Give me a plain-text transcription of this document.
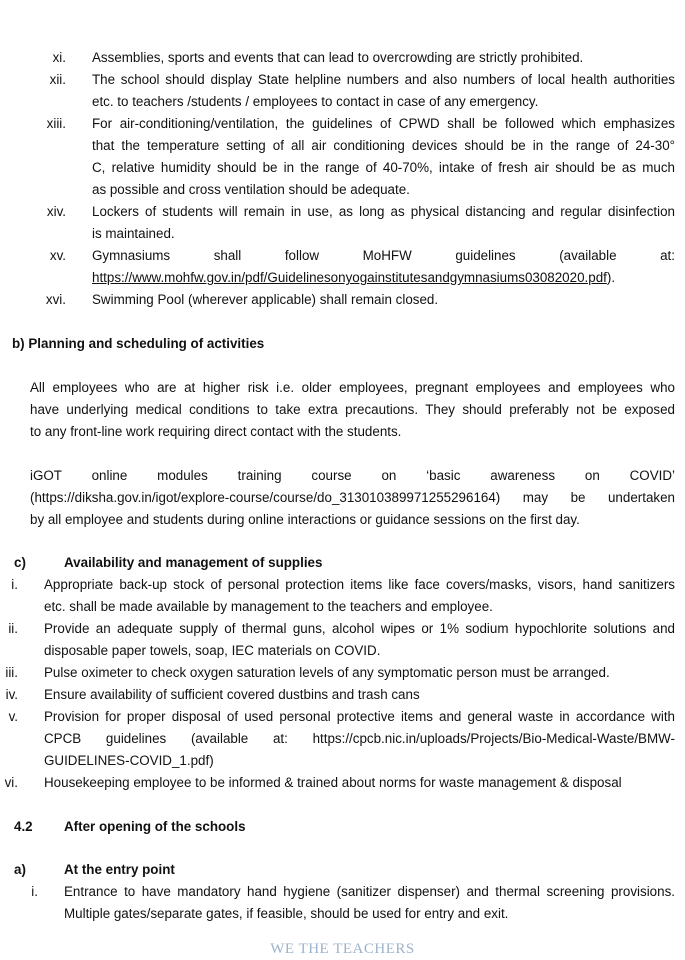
xi. Assemblies, sports and events that can lead to overcrowding are strictly prohibited.
xii. The school should display State helpline numbers and also numbers of local health authorities
etc. to teachers /students / employees to contact in case of any emergency.
xiii. For air-conditioning/ventilation, the guidelines of CPWD shall be followed which emphasizes
that the temperature setting of all air conditioning devices should be in the range of 24-30°
C, relative humidity should be in the range of 40-70%, intake of fresh air should be as much
as possible and cross ventilation should be adequate.
xiv. Lockers of students will remain in use, as long as physical distancing and regular disinfection
is maintained.
xv. Gymnasiums shall follow MoHFW guidelines (available at:
https://www.mohfw.gov.in/pdf/Guidelinesonyogainstitutesandgymnasiums03082020.pdf).
xvi. Swimming Pool (wherever applicable) shall remain closed.
b) Planning and scheduling of activities
All employees who are at higher risk i.e. older employees, pregnant employees and employees who
have underlying medical conditions to take extra precautions. They should preferably not be exposed
to any front-line work requiring direct contact with the students.
iGOT online modules training course on ‘basic awareness on COVID’
(https://diksha.gov.in/igot/explore-course/course/do_31301038997125529616​4) may be undertaken
by all employee and students during online interactions or guidance sessions on the first day.
c)	Availability and management of supplies
i. Appropriate back-up stock of personal protection items like face covers/masks, visors, hand sanitizers
etc. shall be made available by management to the teachers and employee.
ii. Provide an adequate supply of thermal guns, alcohol wipes or 1% sodium hypochlorite solutions and
disposable paper towels, soap, IEC materials on COVID.
iii. Pulse oximeter to check oxygen saturation levels of any symptomatic person must be arranged.
iv. Ensure availability of sufficient covered dustbins and trash cans
v. Provision for proper disposal of used personal protective items and general waste in accordance with
CPCB guidelines (available at: https://cpcb.nic.in/uploads/Projects/Bio-Medical-Waste/BMW-
GUIDELINES-COVID_1.pdf)
vi. Housekeeping employee to be informed & trained about norms for waste management & disposal
4.2 After opening of the schools
a)	At the entry point
i. Entrance to have mandatory hand hygiene (sanitizer dispenser) and thermal screening provisions.
Multiple gates/separate gates, if feasible, should be used for entry and exit.
WE THE TEACHERS
